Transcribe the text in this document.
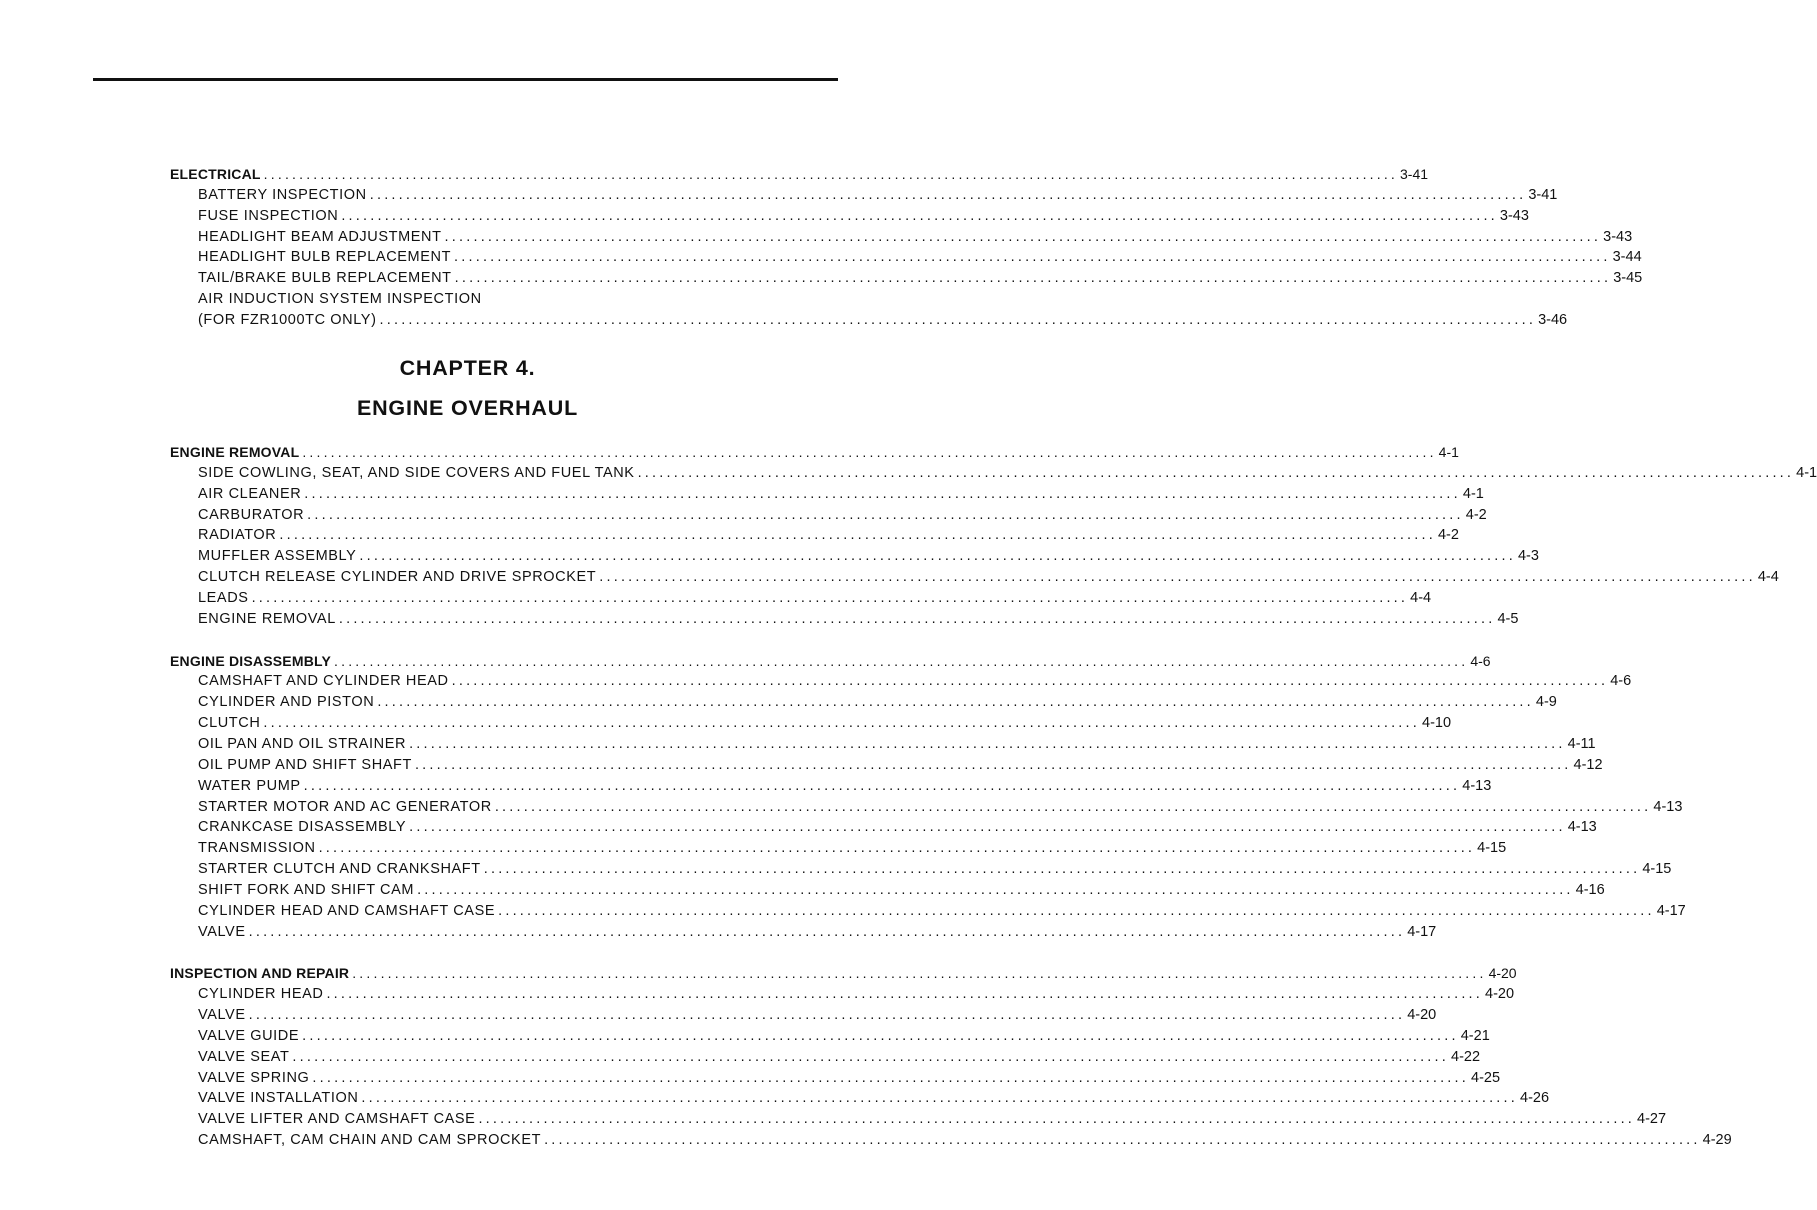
ELECTRICAL ................................................................................................................................................................ 3-41
BATTERY INSPECTION ................................................................................................................................................................ 3-41
FUSE INSPECTION ................................................................................................................................................................ 3-43
HEADLIGHT BEAM ADJUSTMENT ................................................................................................................................................................ 3-43
HEADLIGHT BULB REPLACEMENT ................................................................................................................................................................ 3-44
TAIL/BRAKE BULB REPLACEMENT ................................................................................................................................................................ 3-45
AIR INDUCTION SYSTEM INSPECTION
(FOR FZR1000TC ONLY) ................................................................................................................................................................ 3-46
CHAPTER 4.
ENGINE OVERHAUL
ENGINE REMOVAL ................................................................................................................................................................ 4-1
SIDE COWLING, SEAT, AND SIDE COVERS AND FUEL TANK ................................................................................................................................................................ 4-1
AIR CLEANER ................................................................................................................................................................ 4-1
CARBURATOR ................................................................................................................................................................ 4-2
RADIATOR ................................................................................................................................................................ 4-2
MUFFLER ASSEMBLY ................................................................................................................................................................ 4-3
CLUTCH RELEASE CYLINDER AND DRIVE SPROCKET ................................................................................................................................................................ 4-4
LEADS ................................................................................................................................................................ 4-4
ENGINE REMOVAL ................................................................................................................................................................ 4-5
ENGINE DISASSEMBLY ................................................................................................................................................................ 4-6
CAMSHAFT AND CYLINDER HEAD ................................................................................................................................................................ 4-6
CYLINDER AND PISTON ................................................................................................................................................................ 4-9
CLUTCH ................................................................................................................................................................ 4-10
OIL PAN AND OIL STRAINER ................................................................................................................................................................ 4-11
OIL PUMP AND SHIFT SHAFT ................................................................................................................................................................ 4-12
WATER PUMP ................................................................................................................................................................ 4-13
STARTER MOTOR AND AC GENERATOR ................................................................................................................................................................ 4-13
CRANKCASE DISASSEMBLY ................................................................................................................................................................ 4-13
TRANSMISSION ................................................................................................................................................................ 4-15
STARTER CLUTCH AND CRANKSHAFT ................................................................................................................................................................ 4-15
SHIFT FORK AND SHIFT CAM ................................................................................................................................................................ 4-16
CYLINDER HEAD AND CAMSHAFT CASE ................................................................................................................................................................ 4-17
VALVE ................................................................................................................................................................ 4-17
INSPECTION AND REPAIR ................................................................................................................................................................ 4-20
CYLINDER HEAD ................................................................................................................................................................ 4-20
VALVE ................................................................................................................................................................ 4-20
VALVE GUIDE ................................................................................................................................................................ 4-21
VALVE SEAT ................................................................................................................................................................ 4-22
VALVE SPRING ................................................................................................................................................................ 4-25
VALVE INSTALLATION ................................................................................................................................................................ 4-26
VALVE LIFTER AND CAMSHAFT CASE ................................................................................................................................................................ 4-27
CAMSHAFT, CAM CHAIN AND CAM SPROCKET ................................................................................................................................................................ 4-29
